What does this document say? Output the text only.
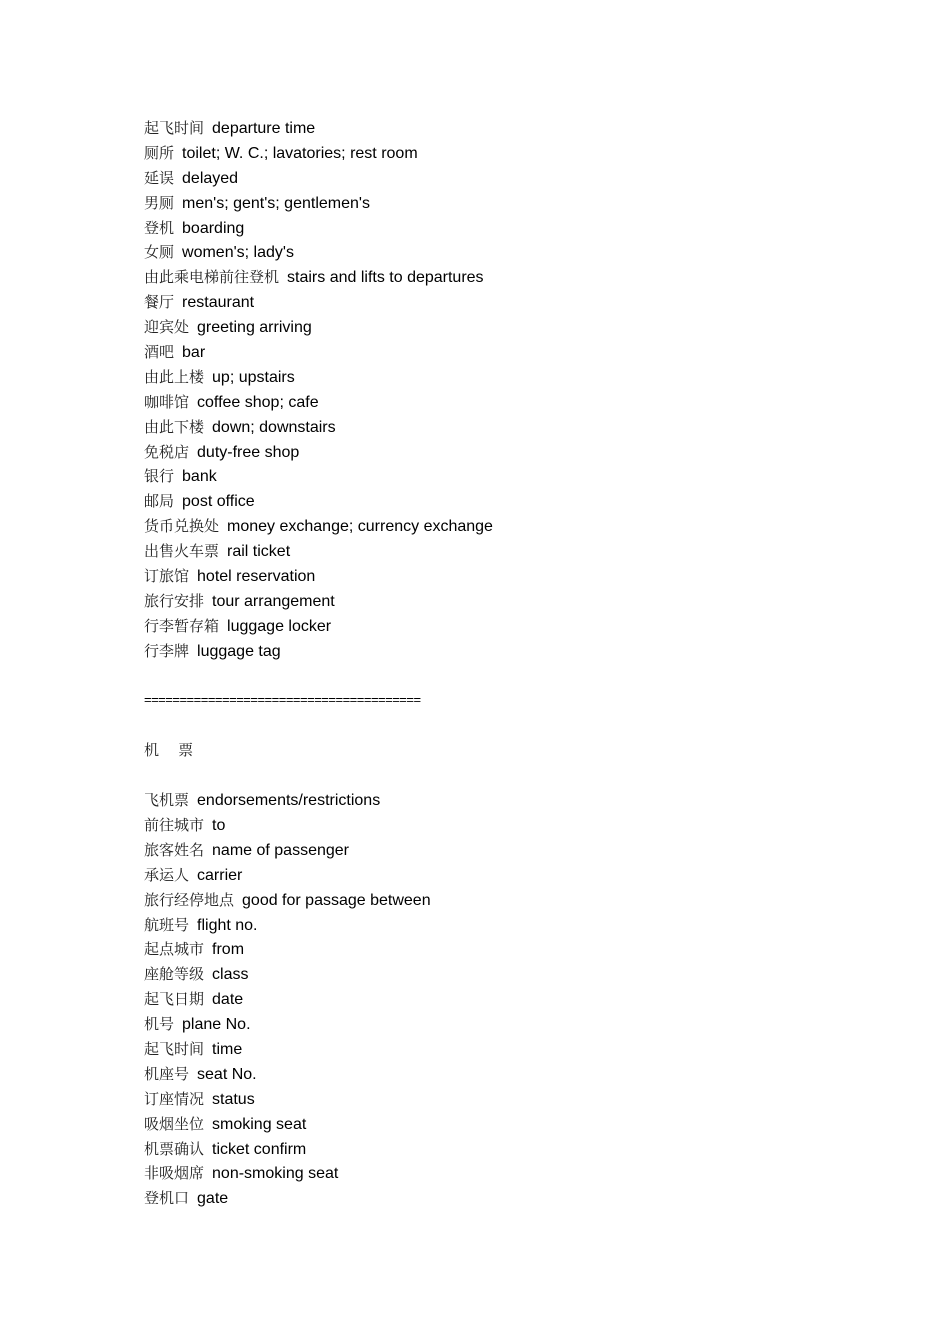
起飞时间 departure time
厕所 toilet; W. C.; lavatories; rest room
延误 delayed
男厕 men's; gent's; gentlemen's
登机 boarding
女厕 women's; lady's
由此乘电梯前往登机 stairs and lifts to departures
餐厅 restaurant
迎宾处 greeting arriving
酒吧 bar
由此上楼 up; upstairs
咖啡馆 coffee shop; cafe
由此下楼 down; downstairs
免税店 duty-free shop
银行 bank
邮局 post office
货币兑换处 money exchange; currency exchange
出售火车票 rail ticket
订旅馆 hotel reservation
旅行安排 tour arrangement
行李暂存箱 luggage locker
行李牌 luggage tag
=======================================
机    票
飞机票 endorsements/restrictions
前往城市 to
旅客姓名 name of passenger
承运人 carrier
旅行经停地点 good for passage between
航班号 flight no.
起点城市 from
座舱等级 class
起飞日期 date
机号 plane No.
起飞时间 time
机座号 seat No.
订座情况 status
吸烟坐位 smoking seat
机票确认 ticket confirm
非吸烟席 non-smoking seat
登机口 gate
